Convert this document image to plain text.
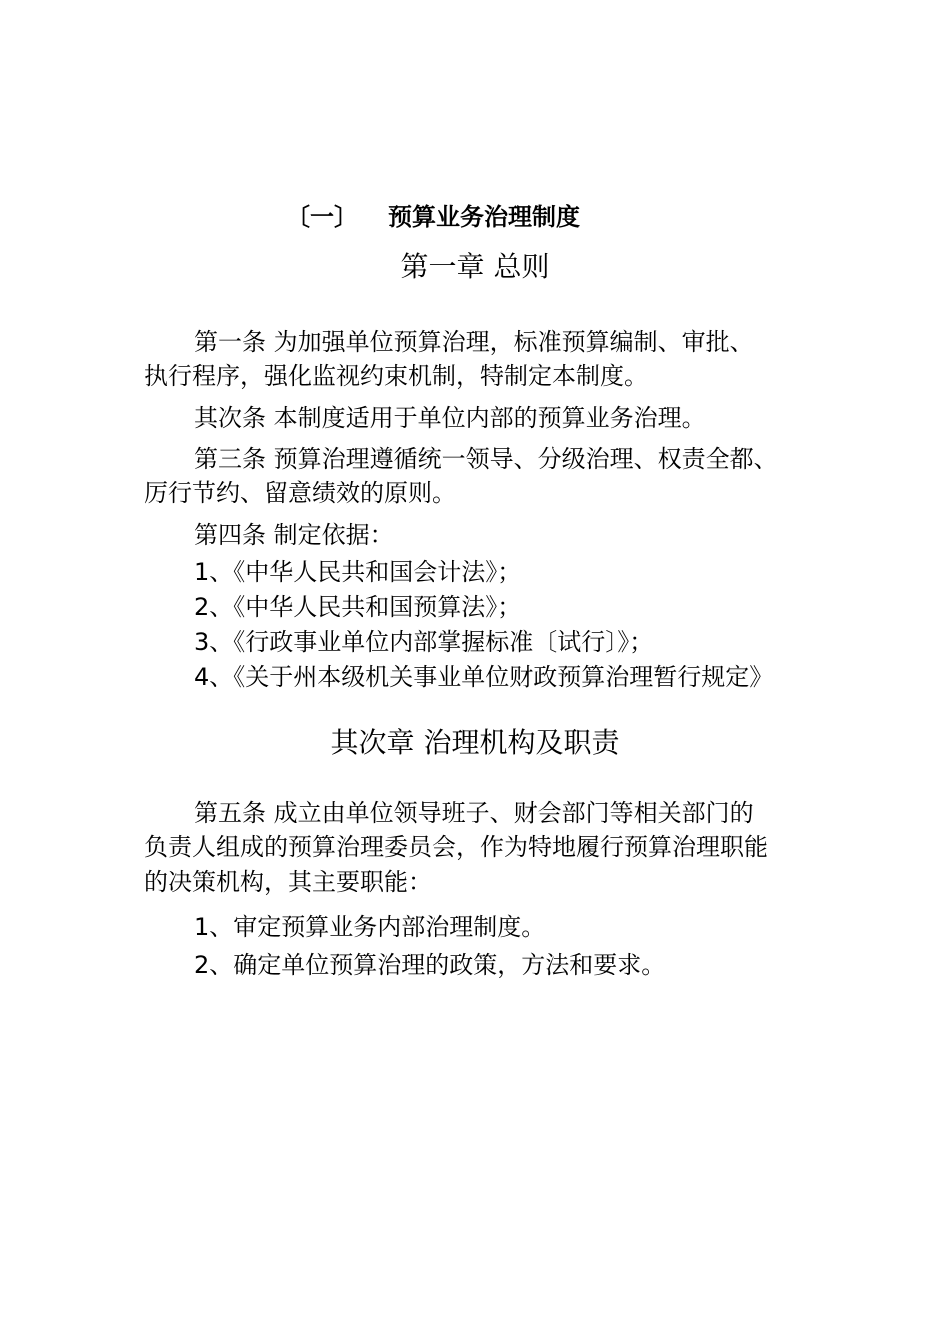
〔一〕 预算业务治理制度
第一章 总则
第一条 为加强单位预算治理，标准预算编制、审批、
执行程序，强化监视约束机制，特制定本制度。
其次条 本制度适用于单位内部的预算业务治理。
第三条 预算治理遵循统一领导、分级治理、权责全都、
厉行节约、留意绩效的原则。
第四条 制定依据：
1、《中华人民共和国会计法》；
2、《中华人民共和国预算法》；
3、《行政事业单位内部掌握标准〔试行〕》；
4、《关于州本级机关事业单位财政预算治理暂行规定》
其次章 治理机构及职责
第五条 成立由单位领导班子、财会部门等相关部门的
负责人组成的预算治理委员会，作为特地履行预算治理职能
的决策机构，其主要职能：
1、审定预算业务内部治理制度。
2、确定单位预算治理的政策，方法和要求。
